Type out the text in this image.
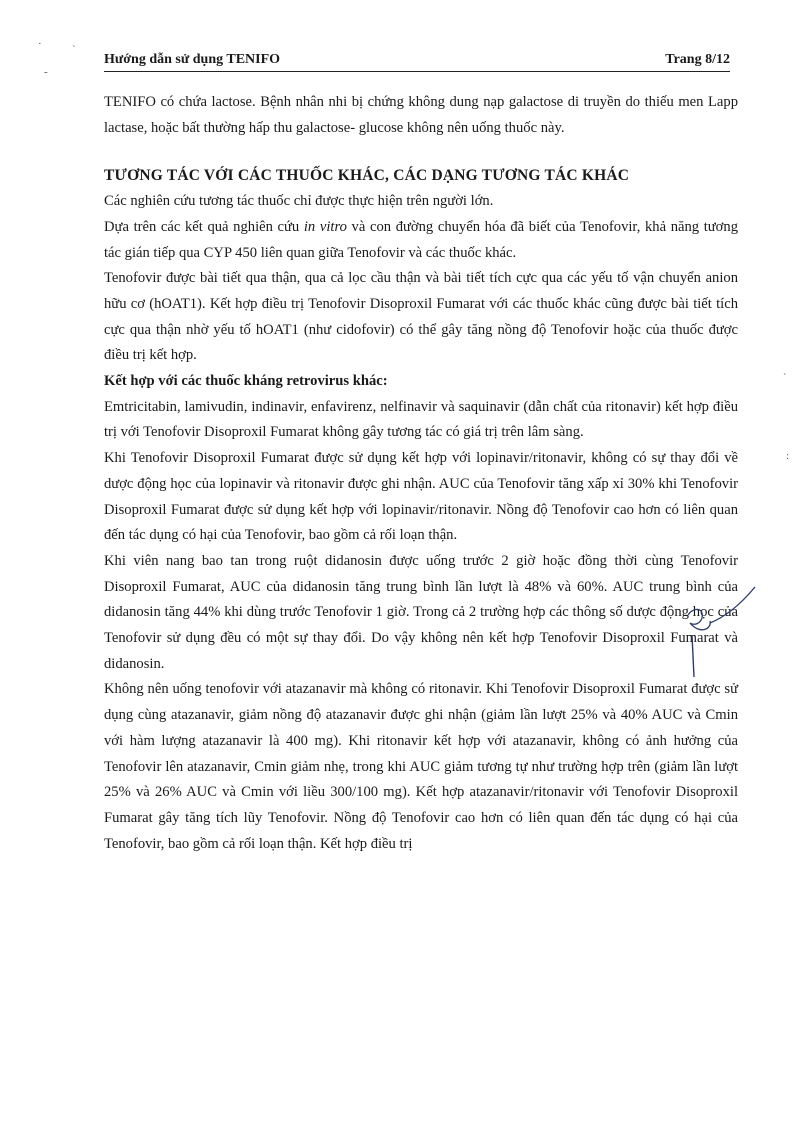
Hướng dẫn sử dụng TENIFO	Trang 8/12

TENIFO có chứa lactose. Bệnh nhân nhi bị chứng không dung nạp galactose di truyền do thiếu men Lapp lactase, hoặc bất thường hấp thu galactose- glucose không nên uống thuốc này.

TƯƠNG TÁC VỚI CÁC THUỐC KHÁC, CÁC DẠNG TƯƠNG TÁC KHÁC

Các nghiên cứu tương tác thuốc chỉ được thực hiện trên người lớn.

Dựa trên các kết quả nghiên cứu in vitro và con đường chuyển hóa đã biết của Tenofovir, khả năng tương tác gián tiếp qua CYP 450 liên quan giữa Tenofovir và các thuốc khác.

Tenofovir được bài tiết qua thận, qua cả lọc cầu thận và bài tiết tích cực qua các yếu tố vận chuyển anion hữu cơ (hOAT1). Kết hợp điều trị Tenofovir Disoproxil Fumarat với các thuốc khác cũng được bài tiết tích cực qua thận nhờ yếu tố hOAT1 (như cidofovir) có thể gây tăng nồng độ Tenofovir hoặc của thuốc được điều trị kết hợp.

Kết hợp với các thuốc kháng retrovirus khác:

Emtricitabin, lamivudin, indinavir, enfavirenz, nelfinavir và saquinavir (dẫn chất của ritonavir) kết hợp điều trị với Tenofovir Disoproxil Fumarat không gây tương tác có giá trị trên lâm sàng.

Khi Tenofovir Disoproxil Fumarat được sử dụng kết hợp với lopinavir/ritonavir, không có sự thay đổi về dược động học của lopinavir và ritonavir được ghi nhận. AUC của Tenofovir tăng xấp xỉ 30% khi Tenofovir Disoproxil Fumarat được sử dụng kết hợp với lopinavir/ritonavir. Nồng độ Tenofovir cao hơn có liên quan đến tác dụng có hại của Tenofovir, bao gồm cả rối loạn thận.

Khi viên nang bao tan trong ruột didanosin được uống trước 2 giờ hoặc đồng thời cùng Tenofovir Disoproxil Fumarat, AUC của didanosin tăng trung bình lần lượt là 48% và 60%. AUC trung bình của didanosin tăng 44% khi dùng trước Tenofovir 1 giờ. Trong cả 2 trường hợp các thông số dược động học của Tenofovir sử dụng đều có một sự thay đổi. Do vậy không nên kết hợp Tenofovir Disoproxil Fumarat và didanosin.

Không nên uống tenofovir với atazanavir mà không có ritonavir. Khi Tenofovir Disoproxil Fumarat được sử dụng cùng atazanavir, giảm nồng độ atazanavir được ghi nhận (giảm lần lượt 25% và 40% AUC và Cmin với hàm lượng atazanavir là 400 mg). Khi ritonavir kết hợp với atazanavir, không có ảnh hưởng của Tenofovir lên atazanavir, Cmin giảm nhẹ, trong khi AUC giảm tương tự như trường hợp trên (giảm lần lượt 25% và 26% AUC và Cmin với liều 300/100 mg). Kết hợp atazanavir/ritonavir với Tenofovir Disoproxil Fumarat gây tăng tích lũy Tenofovir. Nồng độ Tenofovir cao hơn có liên quan đến tác dụng có hại của Tenofovir, bao gồm cả rối loạn thận. Kết hợp điều trị

·	`
-
`
:
